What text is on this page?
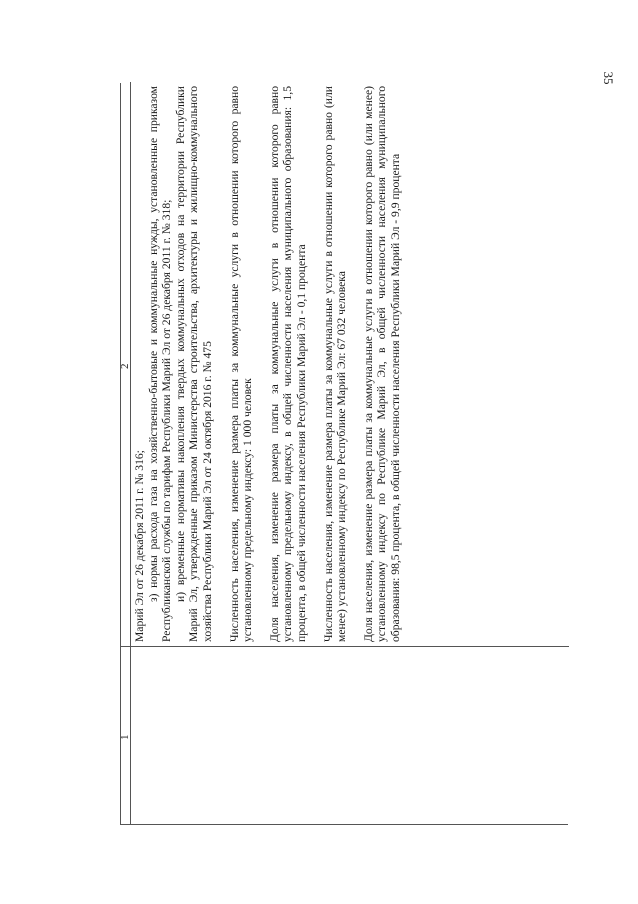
35
1
2

Марий Эл от 26 декабря 2011 г. № 316; з) нормы расхода газа на хозяйственно-бытовые и коммунальные нужды, установленные приказом Республиканской службы по тарифам Республики Марий Эл от 26 декабря 2011 г. № 318; и) временные нормативы накопления твердых коммунальных отходов на территории Республики Марий Эл, утвержденные приказом Министерства строительства, архитектуры и жилищно-коммунального хозяйства Республики Марий Эл от 24 октября 2016 г. № 475 Численность населения, изменение размера платы за коммунальные услуги в отношении которого равно установленному предельному индексу: 1 000 человек Доля населения, изменение размера платы за коммунальные услуги в отношении которого равно установленному предельному индексу, в общей численности населения муниципального образования: 1,5 процента, в общей численности населения Республики Марий Эл - 0,1 процента Численность населения, изменение размера платы за коммунальные услуги в отношении которого равно (или менее) установленному индексу по Республике Марий Эл: 67 032 человека Доля населения, изменение размера платы за коммунальные услуги в отношении которого равно (или менее) установленному индексу по Республике Марий Эл, в общей численности населения муниципального образования: 98,5 процента, в общей численности населения Республики Марий Эл - 9,9 процента
